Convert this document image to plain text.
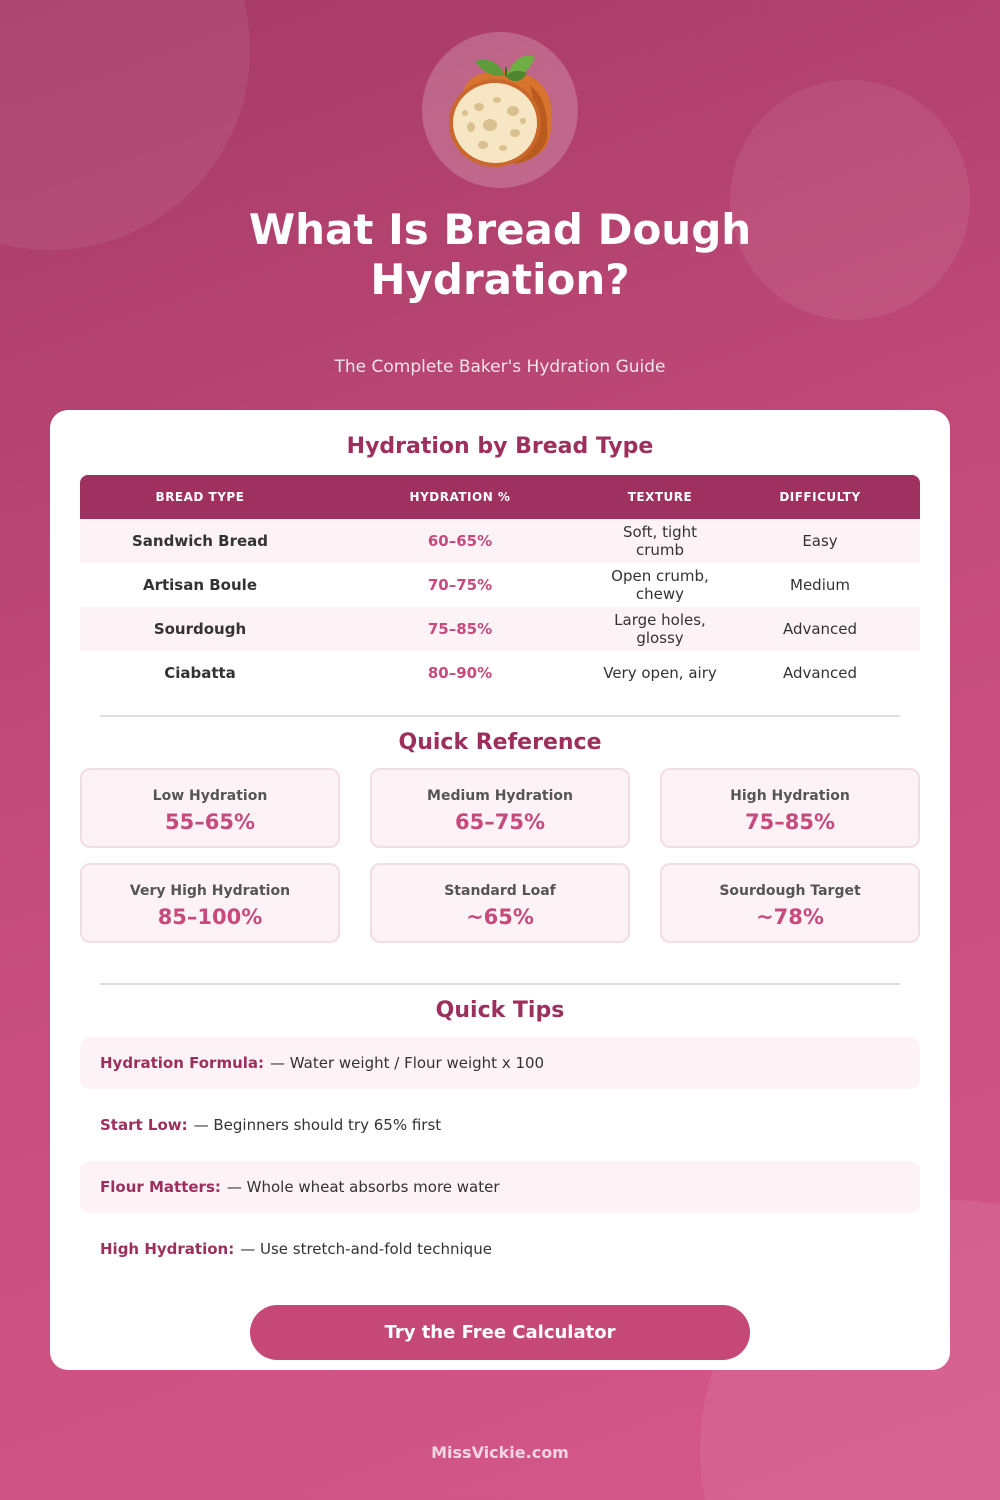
What Is Bread Dough
Hydration?
The Complete Baker's Hydration Guide
Hydration by Bread Type
BREAD TYPE	HYDRATION %	TEXTURE	DIFFICULTY
Sandwich Bread	60–65%	Soft, tight crumb	Easy
Artisan Boule	70–75%	Open crumb, chewy	Medium
Sourdough	75–85%	Large holes, glossy	Advanced
Ciabatta	80–90%	Very open, airy	Advanced
Quick Reference
Low Hydration
55–65%
Medium Hydration
65–75%
High Hydration
75–85%
Very High Hydration
85–100%
Standard Loaf
~65%
Sourdough Target
~78%
Quick Tips
Hydration Formula: — Water weight / Flour weight x 100
Start Low: — Beginners should try 65% first
Flour Matters: — Whole wheat absorbs more water
High Hydration: — Use stretch-and-fold technique
Try the Free Calculator
MissVickie.com
